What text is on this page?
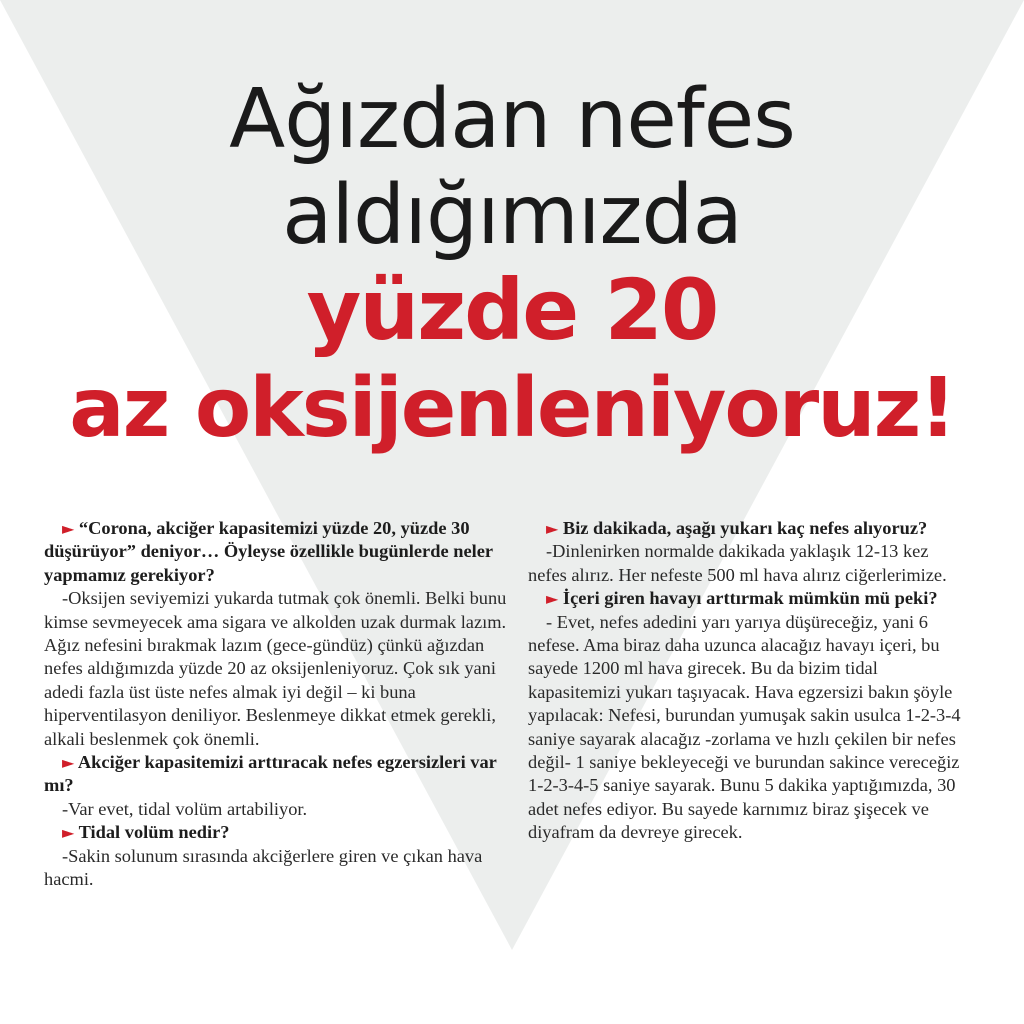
Ağızdan nefes
aldığımızda
yüzde 20
az oksijenleniyoruz!
► “Corona, akciğer kapasitemizi yüzde 20, yüzde 30 düşürüyor” deniyor… Öyleyse özellikle bugünlerde neler yapmamız gerekiyor?
-Oksijen seviyemizi yukarda tutmak çok önemli. Belki bunu kimse sevmeyecek ama sigara ve alkolden uzak durmak lazım. Ağız nefesini bırakmak lazım (gece-gündüz) çünkü ağızdan nefes aldığımızda yüzde 20 az oksijenleniyoruz. Çok sık yani adedi fazla üst üste nefes almak iyi değil – ki buna hiperventilasyon deniliyor. Beslenmeye dikkat etmek gerekli, alkali beslenmek çok önemli.
► Akciğer kapasitemizi arttıracak nefes egzersizleri var mı?
-Var evet, tidal volüm artabiliyor.
► Tidal volüm nedir?
-Sakin solunum sırasında akciğerlere giren ve çıkan hava hacmi.
► Biz dakikada, aşağı yukarı kaç nefes alıyoruz?
-Dinlenirken normalde dakikada yaklaşık 12-13 kez nefes alırız. Her nefeste 500 ml hava alırız ciğerlerimize.
► İçeri giren havayı arttırmak mümkün mü peki?
- Evet, nefes adedini yarı yarıya düşüreceğiz, yani 6 nefese. Ama biraz daha uzunca alacağız havayı içeri, bu sayede 1200 ml hava girecek. Bu da bizim tidal kapasitemizi yukarı taşıyacak. Hava egzersizi bakın şöyle yapılacak: Nefesi, burundan yumuşak sakin usulca 1-2-3-4 saniye sayarak alacağız -zorlama ve hızlı çekilen bir nefes değil- 1 saniye bekleyeceği ve burundan sakince vereceğiz 1-2-3-4-5 saniye sayarak. Bunu 5 dakika yaptığımızda, 30 adet nefes ediyor. Bu sayede karnımız biraz şişecek ve diyafram da devreye girecek.
